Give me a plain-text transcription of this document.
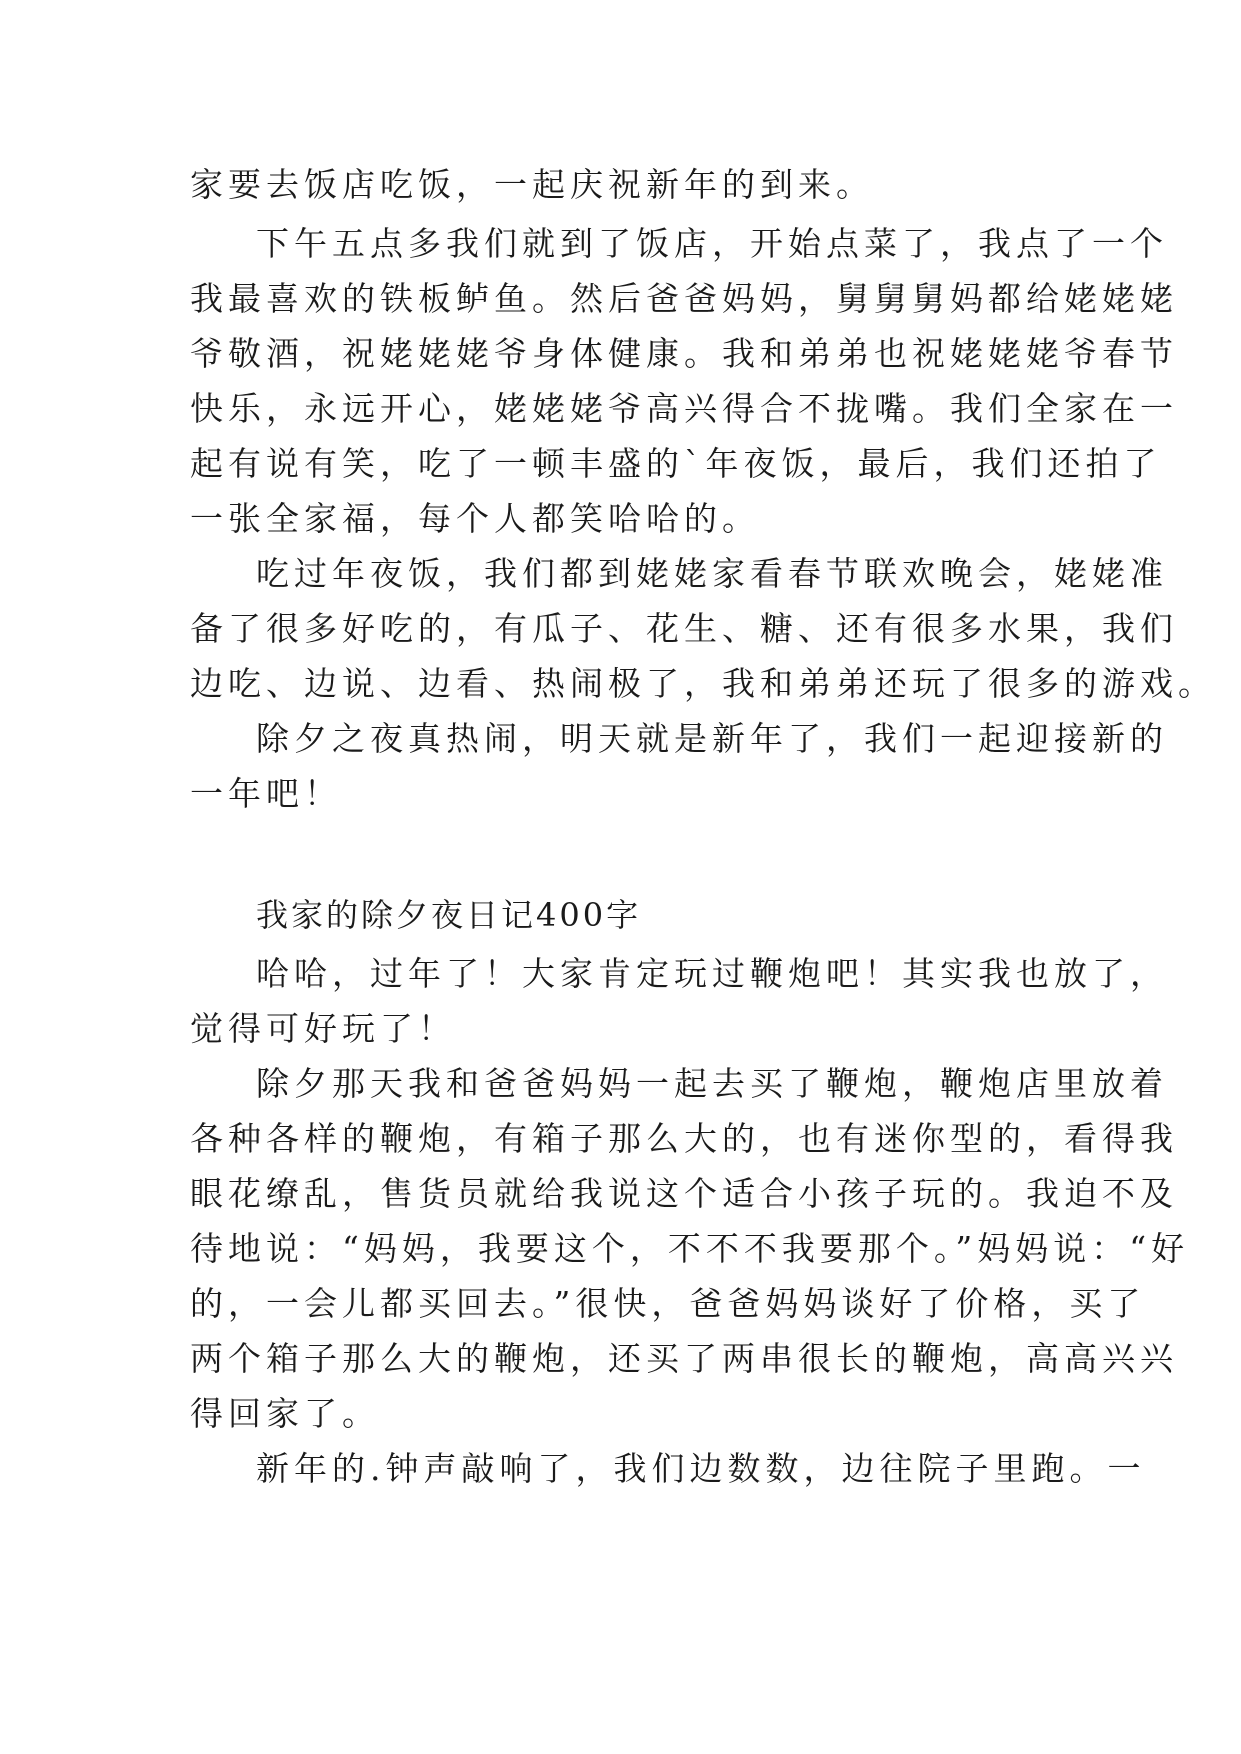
家要去饭店吃饭，一起庆祝新年的到来。
下午五点多我们就到了饭店，开始点菜了，我点了一个
我最喜欢的铁板鲈鱼。然后爸爸妈妈，舅舅舅妈都给姥姥姥
爷敬酒，祝姥姥姥爷身体健康。我和弟弟也祝姥姥姥爷春节
快乐，永远开心，姥姥姥爷高兴得合不拢嘴。我们全家在一
起有说有笑，吃了一顿丰盛的`年夜饭，最后，我们还拍了
一张全家福，每个人都笑哈哈的。
吃过年夜饭，我们都到姥姥家看春节联欢晚会，姥姥准
备了很多好吃的，有瓜子、花生、糖、还有很多水果，我们
边吃、边说、边看、热闹极了，我和弟弟还玩了很多的游戏。
除夕之夜真热闹，明天就是新年了，我们一起迎接新的
一年吧！
我家的除夕夜日记400字
哈哈，过年了！大家肯定玩过鞭炮吧！其实我也放了，
觉得可好玩了！
除夕那天我和爸爸妈妈一起去买了鞭炮，鞭炮店里放着
各种各样的鞭炮，有箱子那么大的，也有迷你型的，看得我
眼花缭乱，售货员就给我说这个适合小孩子玩的。我迫不及
待地说：“妈妈，我要这个，不不不我要那个。”妈妈说：“好
的，一会儿都买回去。”很快，爸爸妈妈谈好了价格，买了
两个箱子那么大的鞭炮，还买了两串很长的鞭炮，高高兴兴
得回家了。
新年的.钟声敲响了，我们边数数，边往院子里跑。一
